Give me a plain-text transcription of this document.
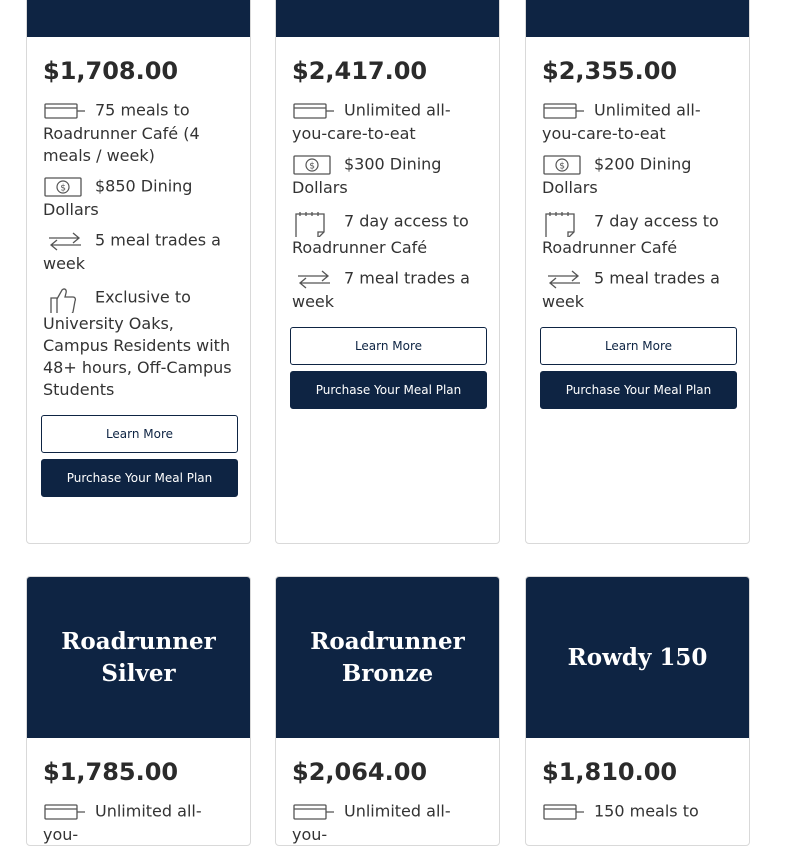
$1,708.00
75 meals to Roadrunner Café (4 meals / week)
$ $850 Dining Dollars
5 meal trades a week
Exclusive to University Oaks, Campus Residents with 48+ hours, Off-Campus Students
Learn More
Purchase Your Meal Plan
$2,417.00
Unlimited all-you-care-to-eat
$ $300 Dining Dollars
7 day access to Roadrunner Café
7 meal trades a week
Learn More
Purchase Your Meal Plan
$2,355.00
Unlimited all-you-care-to-eat
$ $200 Dining Dollars
7 day access to Roadrunner Café
5 meal trades a week
Learn More
Purchase Your Meal Plan
Roadrunner Silver
$1,785.00
Unlimited all-you-
Roadrunner Bronze
$2,064.00
Unlimited all-you-
Rowdy 150
$1,810.00
150 meals to
